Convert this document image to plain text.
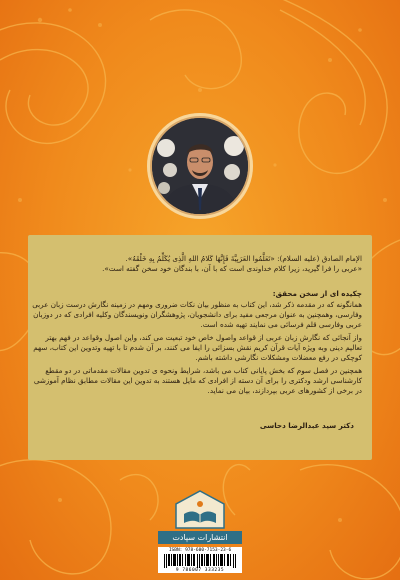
الإمام الصادق (علیه السلام): «تَعَلَّمُوا العَرَبِیَّةَ فَإِنَّهَا کَلامُ اللهِ الَّذِی یُکَلِّمُ بِهِ خَلْقَهُ».
«عربی را فرا گیرید، زیرا کلام خداوندی است که با آن، با بندگان خود سخن گفته است».
چکیده ای از سخن محقق:
همانگونه که در مقدمه ذکر شد، این کتاب به منظور بیان نکات ضروری ومهم در زمینه نگارش درست زبان عربی
وفارسی، وهمچنین به عنوان مرجعی مفید برای دانشجویان، پژوهشگران ونویسندگان وکلیه افرادی که در دوزبان
عربی وفارسی قلم فرسائی می نمایند تهیه شده است.
واز آنجائی که نگارش زبان عربی از قواعد واصول خاص خود تبعیت می کند، واین اصول وقواعد در فهم بهتر
تعالیم دینی وبه ویژه آیات قرآن کریم نقش بسزائی را ایفا می کنند، بر آن شدم تا با تهیه وتدوین این کتاب، سهم
کوچکی در رفع معضلات ومشکلات نگارشی داشته باشم.
همچنین در فصل سوم که بخش پایانی کتاب می باشد، شرایط ونحوه ی تدوین مقالات مقدماتی در دو مقطع
کارشناسی ارشد ودکتری را برای آن دسته از افرادی که مایل هستند به تدوین این مقالات مطابق نظام آموزشی
در برخی از کشورهای عربی بپردازند، بیان می نماید.
دکتر سید عبدالرضا دحاسی
انتشارات سپادت
ISBN: 978-600-7153-23-6
9 786007 333235
